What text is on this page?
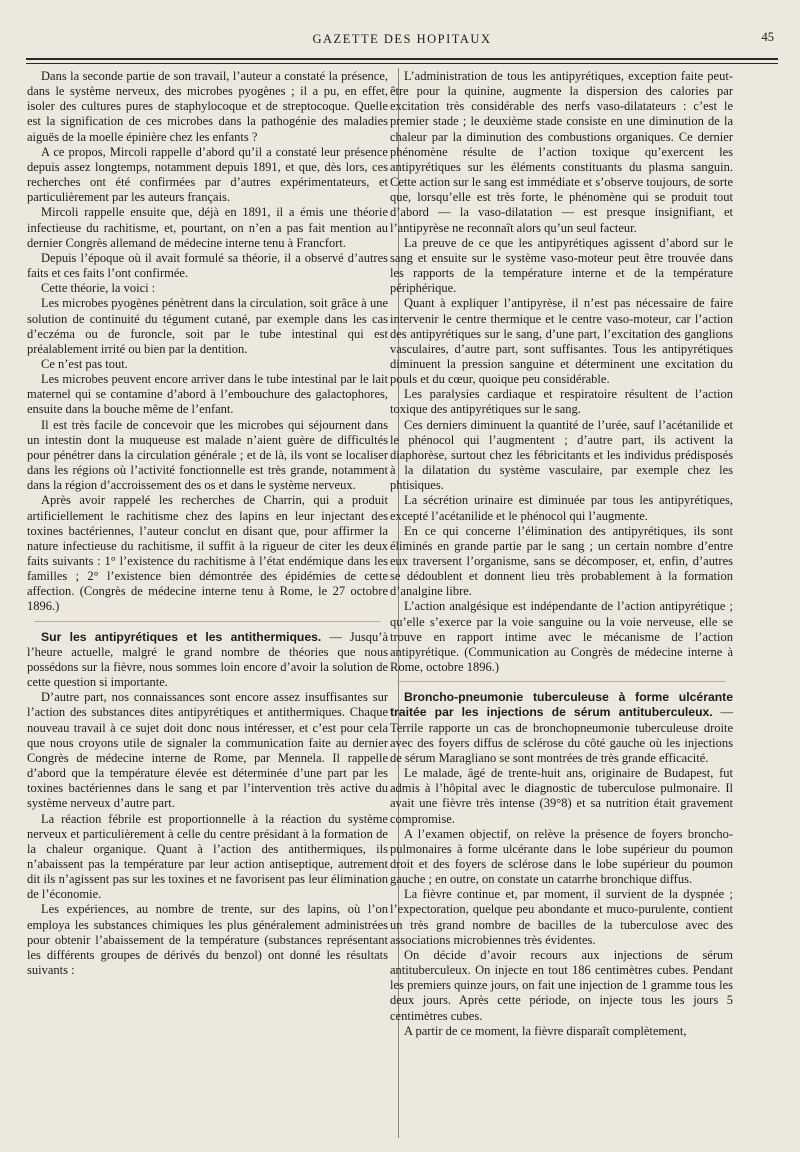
GAZETTE DES HOPITAUX	45

Dans la seconde partie de son travail, l’auteur a constaté la présence, dans le système nerveux, des microbes pyogènes ; il a pu, en effet, isoler des cultures pures de staphylocoque et de streptocoque. Quelle est la signification de ces microbes dans la pathogénie des maladies aiguës de la moelle épinière chez les enfants ?

A ce propos, Mircoli rappelle d’abord qu’il a constaté leur présence depuis assez longtemps, notamment depuis 1891, et que, dès lors, ces recherches ont été confirmées par d’autres expérimentateurs, et particulièrement par les auteurs français.

Mircoli rappelle ensuite que, déjà en 1891, il a émis une théorie infectieuse du rachitisme, et, pourtant, on n’en a pas fait mention au dernier Congrès allemand de médecine interne tenu à Francfort.

Depuis l’époque où il avait formulé sa théorie, il a observé d’autres faits et ces faits l’ont confirmée.

Cette théorie, la voici :

Les microbes pyogènes pénètrent dans la circulation, soit grâce à une solution de continuité du tégument cutané, par exemple dans les cas d’eczéma ou de furoncle, soit par le tube intestinal qui est préalablement irrité ou bien par la dentition.

Ce n’est pas tout.

Les microbes peuvent encore arriver dans le tube intestinal par le lait maternel qui se contamine d’abord à l’embouchure des galactophores, ensuite dans la bouche même de l’enfant.

Il est très facile de concevoir que les microbes qui séjournent dans un intestin dont la muqueuse est malade n’aient guère de difficultés pour pénétrer dans la circulation générale ; et de là, ils vont se localiser dans les régions où l’activité fonctionnelle est très grande, notamment dans la région d’accroissement des os et dans le système nerveux.

Après avoir rappelé les recherches de Charrin, qui a produit artificiellement le rachitisme chez des lapins en leur injectant des toxines bactériennes, l’auteur conclut en disant que, pour affirmer la nature infectieuse du rachitisme, il suffit à la rigueur de citer les deux faits suivants : 1° l’existence du rachitisme à l’état endémique dans les familles ; 2° l’existence bien démontrée des épidémies de cette affection. (Congrès de médecine interne tenu à Rome, le 27 octobre 1896.)

Sur les antipyrétiques et les antithermiques. — Jusqu’à l’heure actuelle, malgré le grand nombre de théories que nous possédons sur la fièvre, nous sommes loin encore d’avoir la solution de cette question si importante.

D’autre part, nos connaissances sont encore assez insuffisantes sur l’action des substances dites antipyrétiques et antithermiques. Chaque nouveau travail à ce sujet doit donc nous intéresser, et c’est pour cela que nous croyons utile de signaler la communication faite au dernier Congrès de médecine interne de Rome, par Mennela. Il rappelle d’abord que la température élevée est déterminée d’une part par les toxines bactériennes dans le sang et par l’intervention très active du système nerveux d’autre part.

La réaction fébrile est proportionnelle à la réaction du système nerveux et particulièrement à celle du centre présidant à la formation de la chaleur organique. Quant à l’action des antithermiques, ils n’abaissent pas la température par leur action antiseptique, autrement dit ils n’agissent pas sur les toxines et ne favorisent pas leur élimination de l’économie.

Les expériences, au nombre de trente, sur des lapins, où l’on employa les substances chimiques les plus généralement administrées pour obtenir l’abaissement de la température (substances représentant les différents groupes de dérivés du benzol) ont donné les résultats suivants :

L’administration de tous les antipyrétiques, exception faite peut-être pour la quinine, augmente la dispersion des calories par excitation très considérable des nerfs vaso-dilatateurs : c’est le premier stade ; le deuxième stade consiste en une diminution de la chaleur par la diminution des combustions organiques. Ce dernier phénomène résulte de l’action toxique qu’exercent les antipyrétiques sur les éléments constituants du plasma sanguin. Cette action sur le sang est immédiate et s’observe toujours, de sorte que, lorsqu’elle est très forte, le phénomène qui se produit tout d’abord — la vaso-dilatation — est presque insignifiant, et l’antipyrèse ne reconnaît alors qu’un seul facteur.

La preuve de ce que les antipyrétiques agissent d’abord sur le sang et ensuite sur le système vaso-moteur peut être trouvée dans les rapports de la température interne et de la température périphérique.

Quant à expliquer l’antipyrèse, il n’est pas nécessaire de faire intervenir le centre thermique et le centre vaso-moteur, car l’action des antipyrétiques sur le sang, d’une part, l’excitation des ganglions vasculaires, d’autre part, sont suffisantes. Tous les antipyrétiques diminuent la pression sanguine et déterminent une excitation du pouls et du cœur, quoique peu considérable.

Les paralysies cardiaque et respiratoire résultent de l’action toxique des antipyrétiques sur le sang.

Ces derniers diminuent la quantité de l’urée, sauf l’acétanilide et le phénocol qui l’augmentent ; d’autre part, ils activent la diaphorèse, surtout chez les fébricitants et les individus prédisposés à la dilatation du système vasculaire, par exemple chez les phtisiques.

La sécrétion urinaire est diminuée par tous les antipyrétiques, excepté l’acétanilide et le phénocol qui l’augmente.

En ce qui concerne l’élimination des antipyrétiques, ils sont éliminés en grande partie par le sang ; un certain nombre d’entre eux traversent l’organisme, sans se décomposer, et, enfin, d’autres se dédoublent et donnent lieu très probablement à la formation d’analgine libre.

L’action analgésique est indépendante de l’action antipyrétique ; qu’elle s’exerce par la voie sanguine ou la voie nerveuse, elle se trouve en rapport intime avec le mécanisme de l’action antipyrétique. (Communication au Congrès de médecine interne à Rome, octobre 1896.)

Broncho-pneumonie tuberculeuse à forme ulcérante traitée par les injections de sérum antituberculeux. — Terrile rapporte un cas de bronchopneumonie tuberculeuse droite avec des foyers diffus de sclérose du côté gauche où les injections de sérum Maragliano se sont montrées de très grande efficacité.

Le malade, âgé de trente-huit ans, originaire de Budapest, fut admis à l’hôpital avec le diagnostic de tuberculose pulmonaire. Il avait une fièvre très intense (39°8) et sa nutrition était gravement compromise.

A l’examen objectif, on relève la présence de foyers broncho-pulmonaires à forme ulcérante dans le lobe supérieur du poumon droit et des foyers de sclérose dans le lobe supérieur du poumon gauche ; en outre, on constate un catarrhe bronchique diffus.

La fièvre continue et, par moment, il survient de la dyspnée ; l’expectoration, quelque peu abondante et muco-purulente, contient un très grand nombre de bacilles de la tuberculose avec des associations microbiennes très évidentes.

On décide d’avoir recours aux injections de sérum antituberculeux. On injecte en tout 186 centimètres cubes. Pendant les premiers quinze jours, on fait une injection de 1 gramme tous les deux jours. Après cette période, on injecte tous les jours 5 centimètres cubes.

A partir de ce moment, la fièvre disparaît complètement,
